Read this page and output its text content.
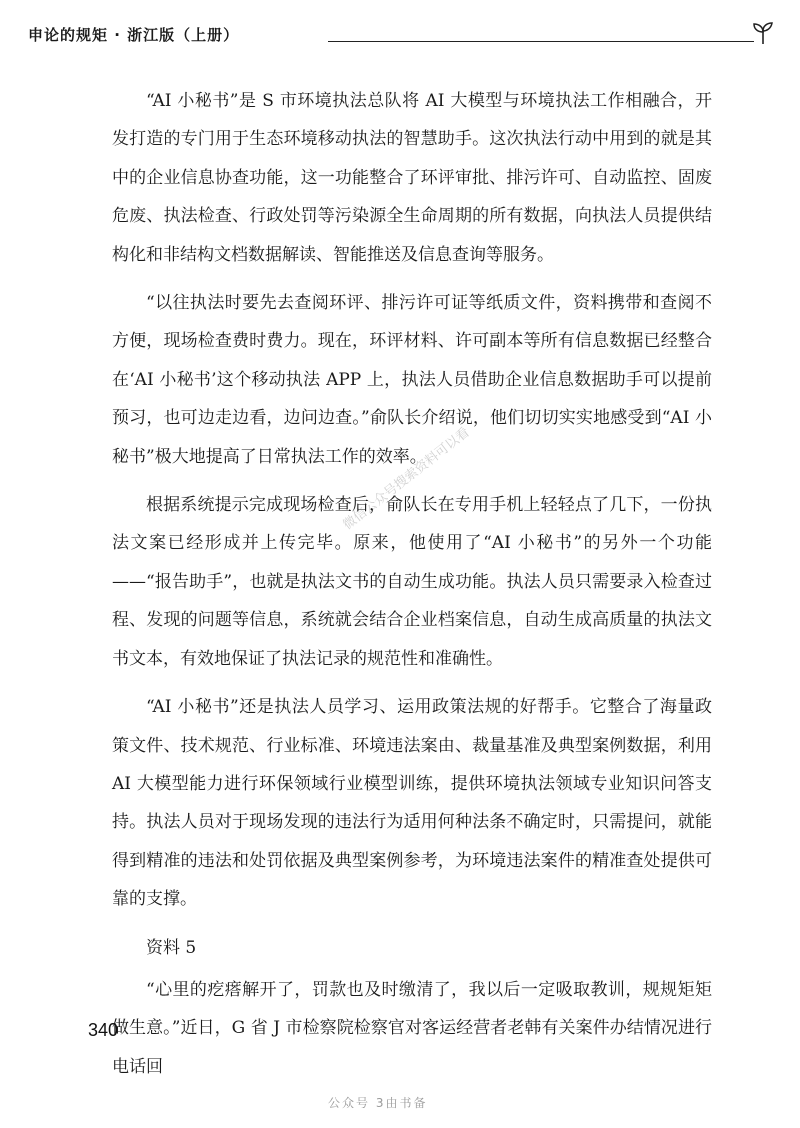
申论的规矩 · 浙江版（上册）
微信公众号搜索资料可以看

“AI 小秘书”是 S 市环境执法总队将 AI 大模型与环境执法工作相融合，开发打造的专门用于生态环境移动执法的智慧助手。这次执法行动中用到的就是其中的企业信息协查功能，这一功能整合了环评审批、排污许可、自动监控、固废危废、执法检查、行政处罚等污染源全生命周期的所有数据，向执法人员提供结构化和非结构文档数据解读、智能推送及信息查询等服务。

“以往执法时要先去查阅环评、排污许可证等纸质文件，资料携带和查阅不方便，现场检查费时费力。现在，环评材料、许可副本等所有信息数据已经整合在‘AI 小秘书’这个移动执法 APP 上，执法人员借助企业信息数据助手可以提前预习，也可边走边看，边问边查。”俞队长介绍说，他们切切实实地感受到“AI 小秘书”极大地提高了日常执法工作的效率。

根据系统提示完成现场检查后，俞队长在专用手机上轻轻点了几下，一份执法文案已经形成并上传完毕。原来，他使用了“AI 小秘书”的另外一个功能——“报告助手”，也就是执法文书的自动生成功能。执法人员只需要录入检查过程、发现的问题等信息，系统就会结合企业档案信息，自动生成高质量的执法文书文本，有效地保证了执法记录的规范性和准确性。

“AI 小秘书”还是执法人员学习、运用政策法规的好帮手。它整合了海量政策文件、技术规范、行业标准、环境违法案由、裁量基准及典型案例数据，利用 AI 大模型能力进行环保领域行业模型训练，提供环境执法领域专业知识问答支持。执法人员对于现场发现的违法行为适用何种法条不确定时，只需提问，就能得到精准的违法和处罚依据及典型案例参考，为环境违法案件的精准查处提供可靠的支撑。

资料 5

“心里的疙瘩解开了，罚款也及时缴清了，我以后一定吸取教训，规规矩矩做生意。”近日，G 省 J 市检察院检察官对客运经营者老韩有关案件办结情况进行电话回

340
公众号 3由书备
